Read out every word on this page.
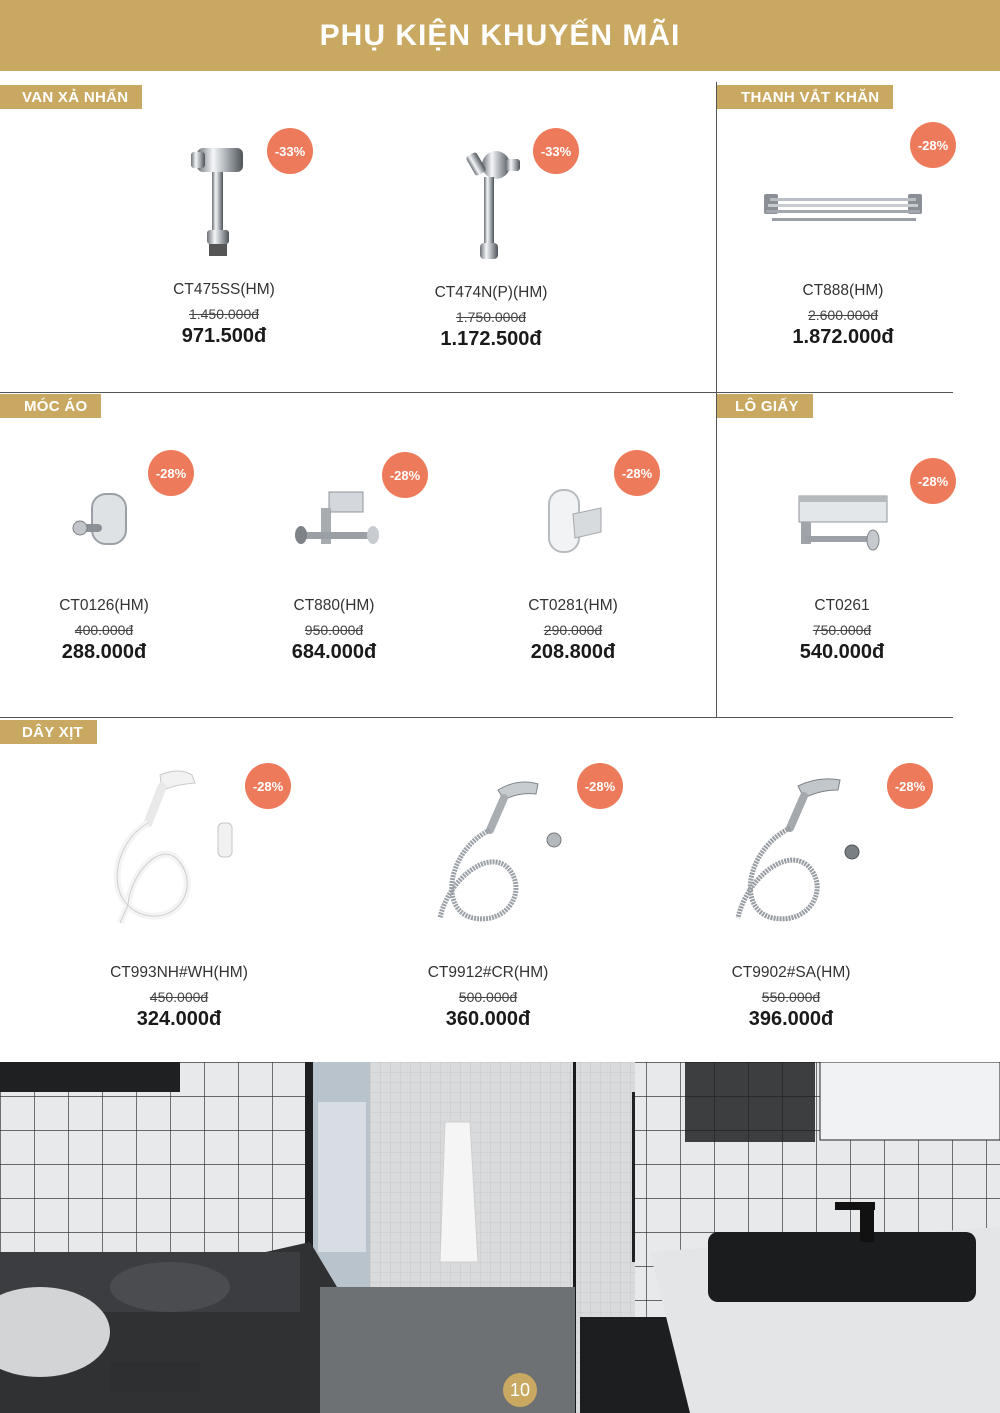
PHỤ KIỆN KHUYẾN MÃI
VAN XẢ NHẤN	THANH VẮT KHĂN
MÓC ÁO	LÔ GIẤY
DÂY XỊT
-33%
CT475SS(HM)
1.450.000đ
971.500đ
-33%
CT474N(P)(HM)
1.750.000đ
1.172.500đ
-28%
CT888(HM)
2.600.000đ
1.872.000đ
-28%
CT0126(HM)
400.000đ
288.000đ
-28%
CT880(HM)
950.000đ
684.000đ
-28%
CT0281(HM)
290.000đ
208.800đ
-28%
CT0261
750.000đ
540.000đ
-28%
CT993NH#WH(HM)
450.000đ
324.000đ
-28%
CT9912#CR(HM)
500.000đ
360.000đ
-28%
CT9902#SA(HM)
550.000đ
396.000đ
10
